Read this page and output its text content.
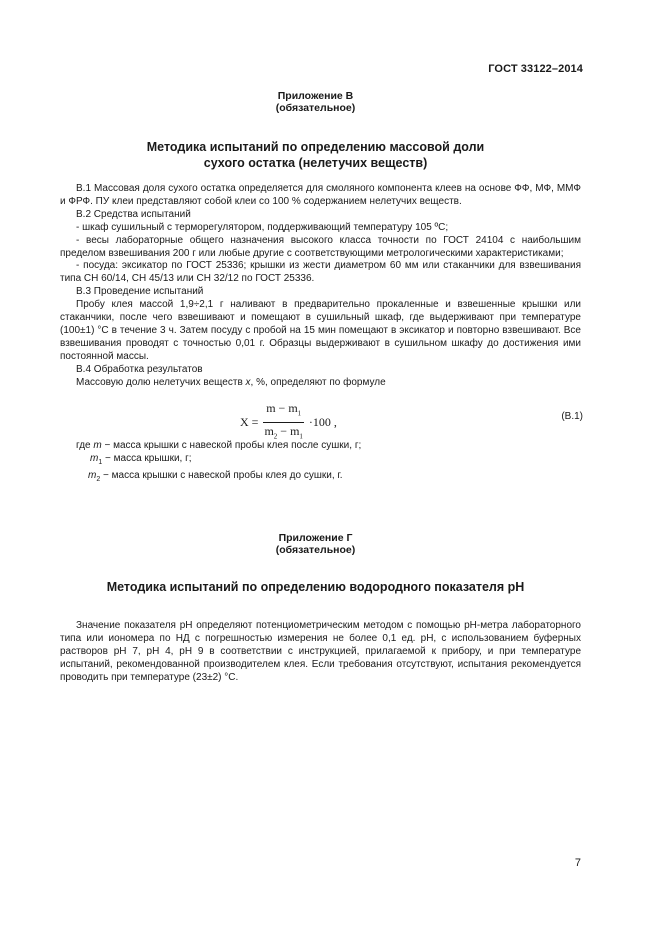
ГОСТ 33122–2014
Приложение В
(обязательное)
Методика испытаний по определению массовой доли
сухого остатка (нелетучих веществ)

В.1 Массовая доля сухого остатка определяется для смоляного компонента клеев на основе ФФ, МФ, ММФ и ФРФ. ПУ клеи представляют собой клеи со 100 % содержанием нелетучих веществ.

В.2 Средства испытаний

- шкаф сушильный с терморегулятором, поддерживающий температуру 105 ºС;

- весы лабораторные общего назначения высокого класса точности по ГОСТ 24104 с наибольшим пределом взвешивания 200 г или любые другие с соответствующими метрологическими характеристиками;

- посуда: эксикатор по ГОСТ 25336; крышки из жести диаметром 60 мм или стаканчики для взвешивания типа СН 60/14, СН 45/13 или СН 32/12 по ГОСТ 25336.

В.3 Проведение испытаний

Пробу клея массой 1,9÷2,1 г наливают в предварительно прокаленные и взвешенные крышки или стаканчики, после чего взвешивают и помещают в сушильный шкаф, где выдерживают при температуре (100±1) °С в течение 3 ч. Затем посуду с пробой на 15 мин помещают в эксикатор и повторно взвешивают. Все взвешивания проводят с точностью 0,01 г. Образцы выдерживают в сушильном шкафу до достижения ими постоянной массы.

В.4 Обработка результатов

Массовую долю нелетучих веществ x, %, определяют по формуле

$X = \frac{m - m_1}{m_2 - m_1} \cdot 100$ ,	(В.1)

где m − масса крышки с навеской пробы клея после сушки, г;

$m_1$ − масса крышки, г;

$m_2$ − масса крышки с навеской пробы клея до сушки, г.

Приложение Г
(обязательное)
Методика испытаний по определению водородного показателя рН

Значение показателя рН определяют потенциометрическим методом с помощью рН-метра лабораторного типа или иономера по НД с погрешностью измерения не более 0,1 ед. рН, с использованием буферных растворов рН 7, рН 4, рН 9 в соответствии с инструкцией, прилагаемой к прибору, и при температуре испытаний, рекомендованной производителем клея. Если требования отсутствуют, испытания рекомендуется проводить при температуре (23±2) °С.

7
